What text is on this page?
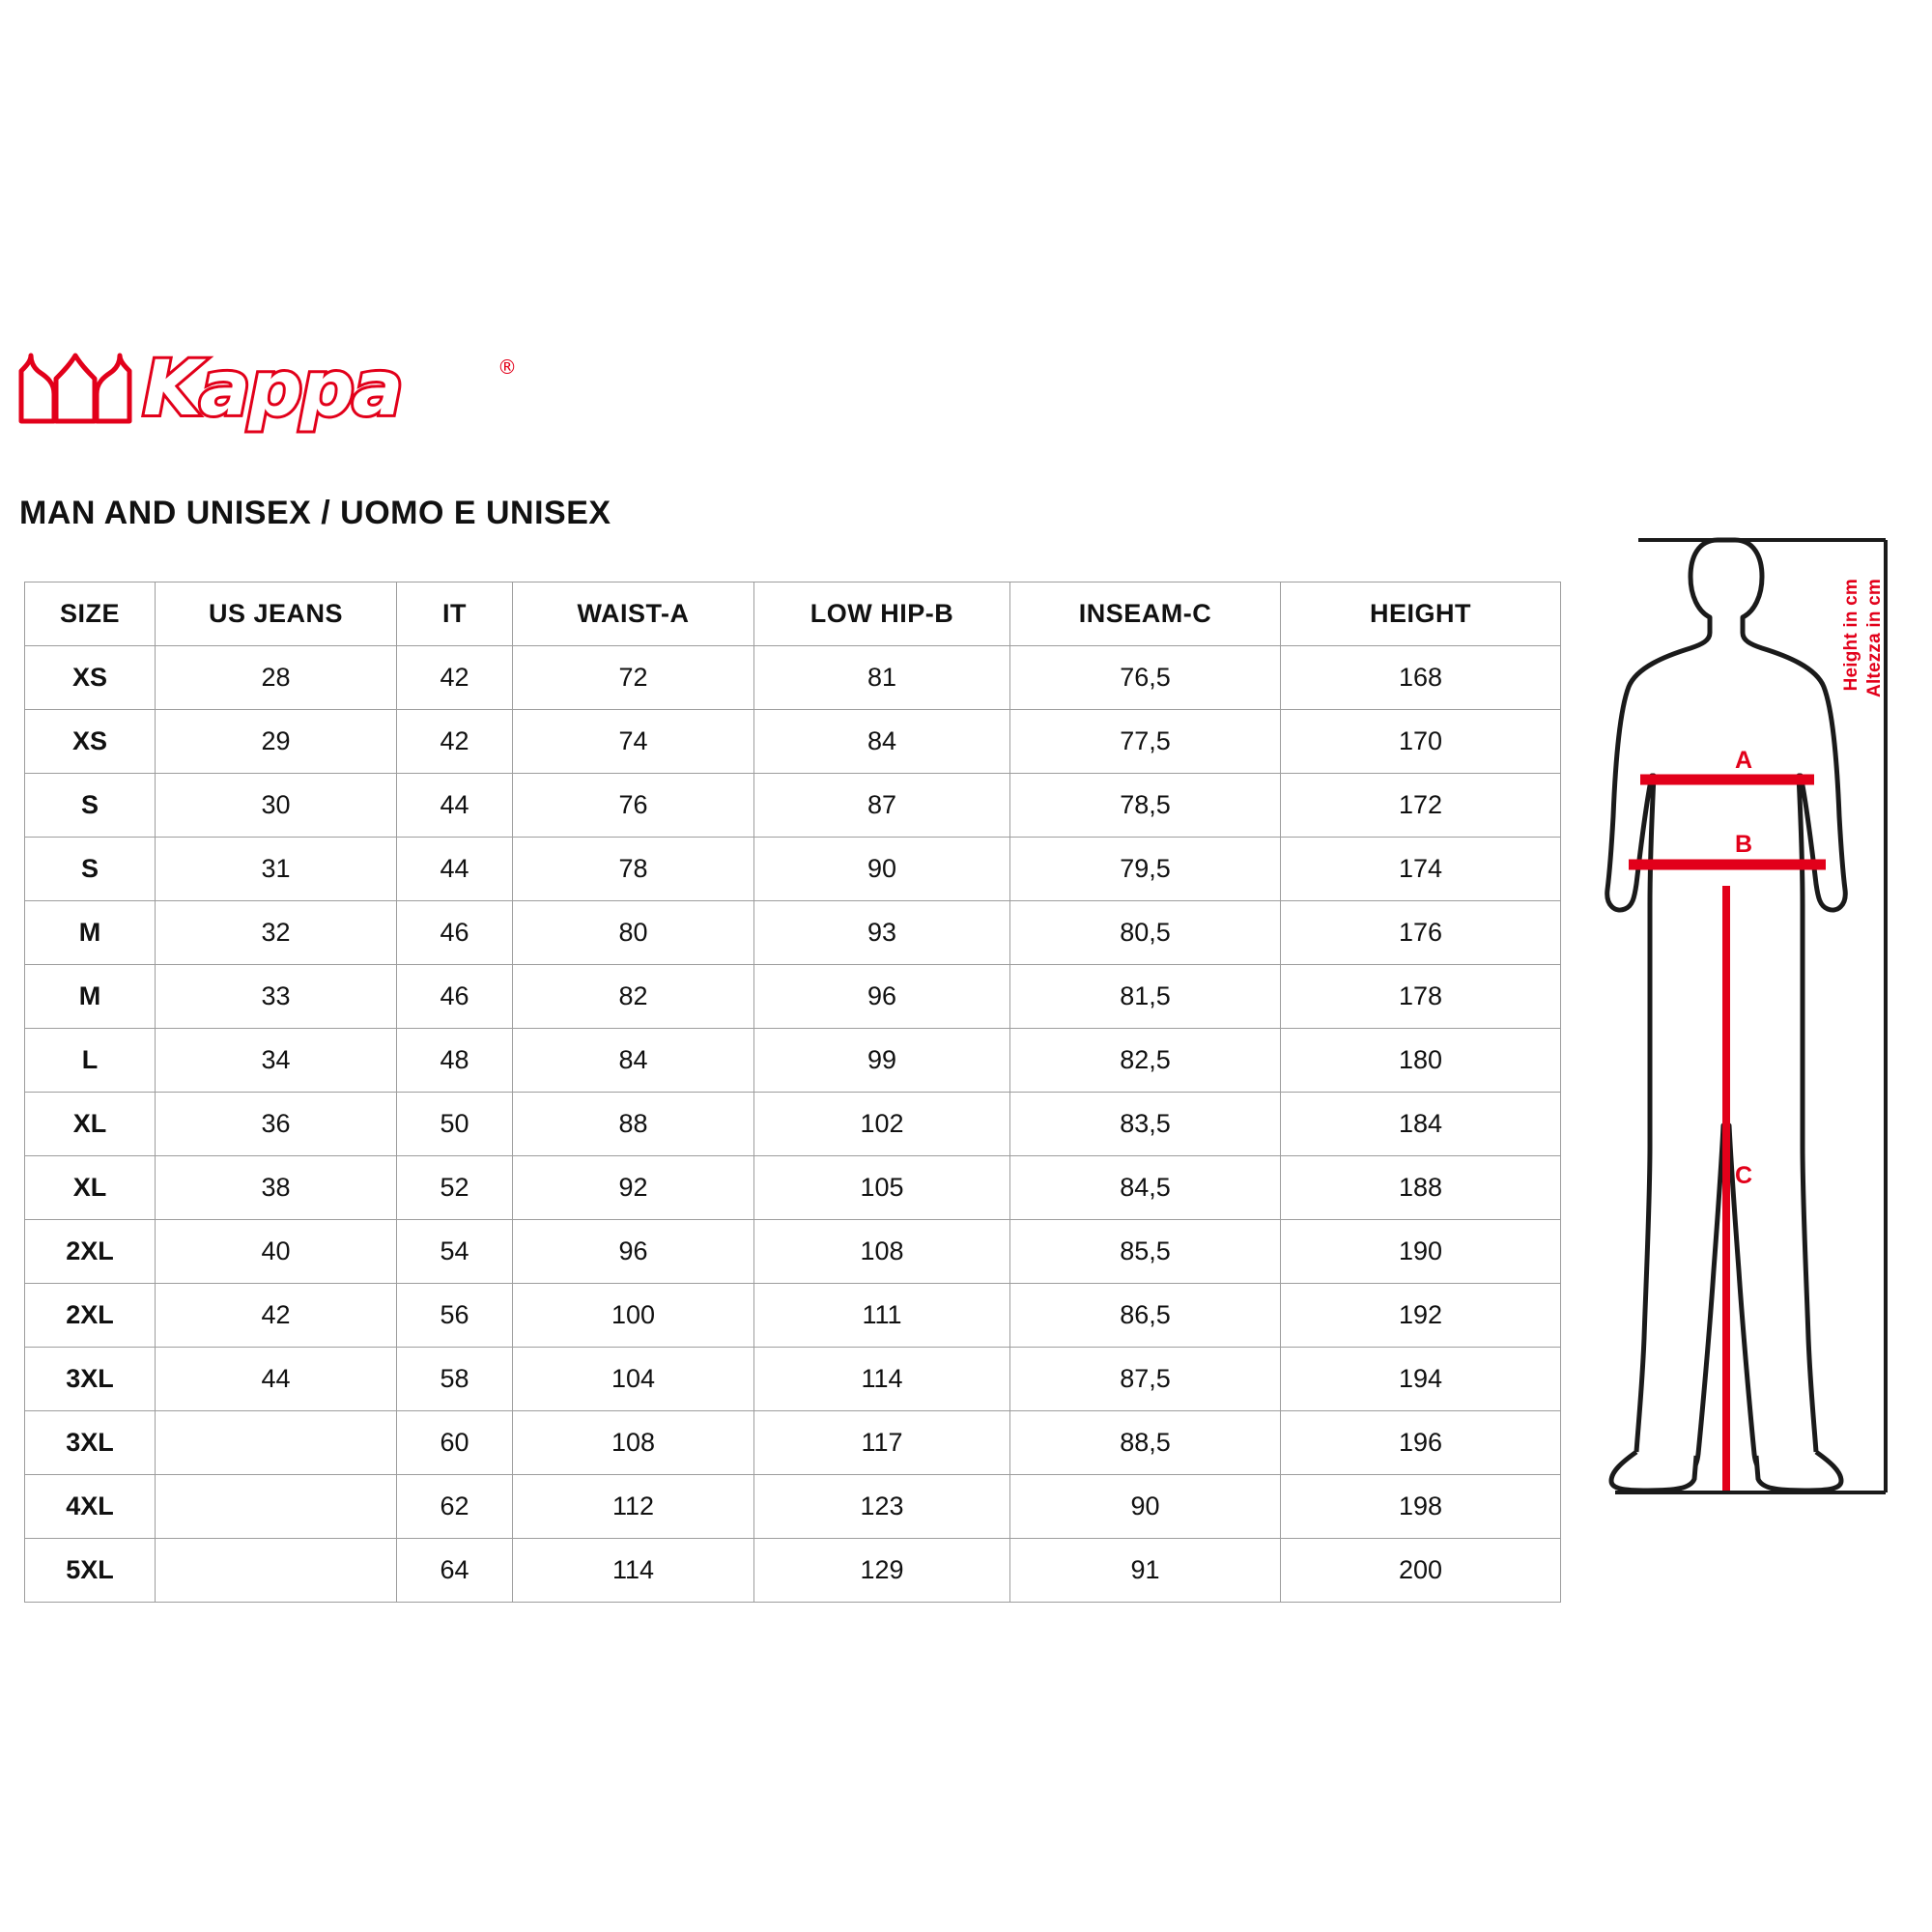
Kappa	®
MAN AND UNISEX / UOMO E UNISEX
SIZE	US JEANS	IT	WAIST-A	LOW HIP-B	INSEAM-C	HEIGHT
XS	28	42	72	81	76,5	168
XS	29	42	74	84	77,5	170
S	30	44	76	87	78,5	172
S	31	44	78	90	79,5	174
M	32	46	80	93	80,5	176
M	33	46	82	96	81,5	178
L	34	48	84	99	82,5	180
XL	36	50	88	102	83,5	184
XL	38	52	92	105	84,5	188
2XL	40	54	96	108	85,5	190
2XL	42	56	100	111	86,5	192
3XL	44	58	104	114	87,5	194
3XL		60	108	117	88,5	196
4XL		62	112	123	90	198
5XL		64	114	129	91	200
Height in cm Altezza in cm
A
B
C
